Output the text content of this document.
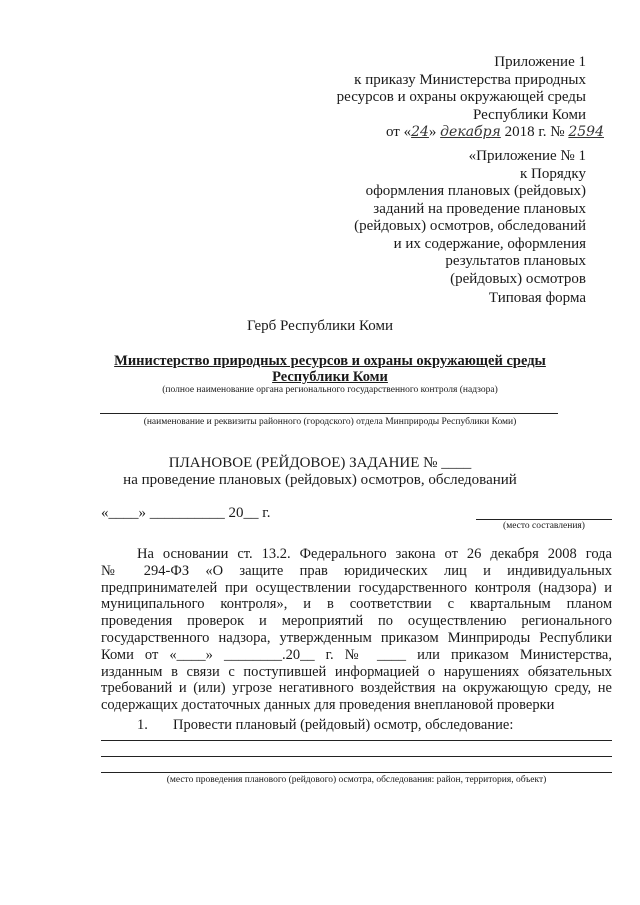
Приложение 1
к приказу Министерства природных
ресурсов и охраны окружающей среды
Республики Коми
от «24» декабря 2018 г. № 2594
«Приложение № 1
к Порядку
оформления плановых (рейдовых)
заданий на проведение плановых
(рейдовых) осмотров, обследований
и их содержание, оформления
результатов плановых
(рейдовых) осмотров
Типовая форма
Герб Республики Коми
Министерство природных ресурсов и охраны окружающей среды
Республики Коми
(полное наименование органа регионального государственного контроля (надзора)
(наименование и реквизиты районного (городского) отдела Минприроды Республики Коми)
ПЛАНОВОЕ (РЕЙДОВОЕ) ЗАДАНИЕ № ____
на проведение плановых (рейдовых) осмотров, обследований
«____» __________ 20__ г.
(место составления)
На основании ст. 13.2. Федерального закона от 26 декабря 2008 года
№ 294-ФЗ «О защите прав юридических лиц и индивидуальных
предпринимателей при осуществлении государственного контроля (надзора) и
муниципального контроля», и в соответствии с квартальным планом
проведения проверок и мероприятий по осуществлению регионального
государственного надзора, утвержденным приказом Минприроды Республики
Коми от «____» ________.20__ г. № ____ или приказом Министерства,
изданным в связи с поступившей информацией о нарушениях обязательных
требований и (или) угрозе негативного воздействия на окружающую среду, не
содержащих достаточных данных для проведения внеплановой проверки
1. Провести плановый (рейдовый) осмотр, обследование:
(место проведения планового (рейдового) осмотра, обследования: район, территория, объект)
